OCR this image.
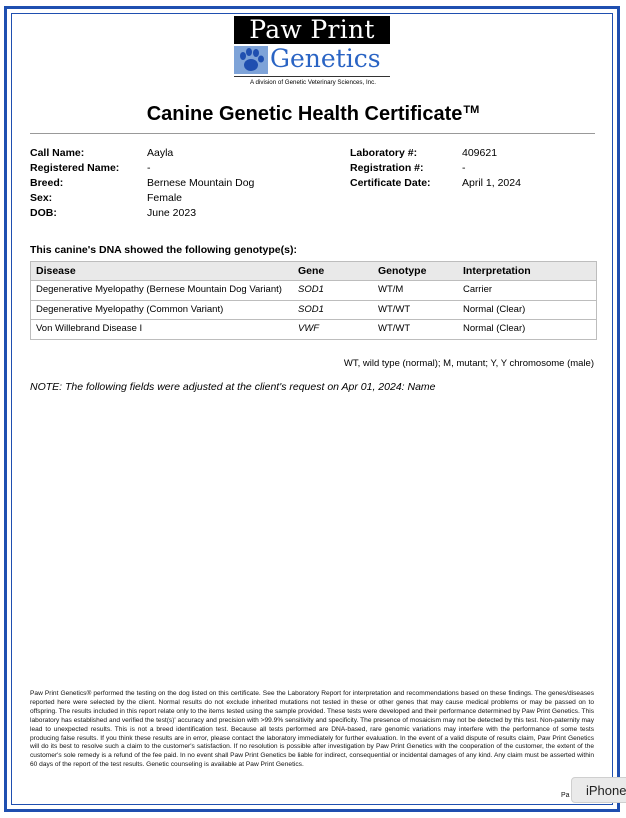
Paw Print
Genetics
A division of Genetic Veterinary Sciences, Inc.
Canine Genetic Health Certificate™
Call Name:	Aayla
Registered Name:	-
Breed:	Bernese Mountain Dog
Sex:	Female
DOB:	June 2023
Laboratory #:	409621
Registration #:	-
Certificate Date:	April 1, 2024
This canine's DNA showed the following genotype(s):
Disease	Gene	Genotype	Interpretation
Degenerative Myelopathy (Bernese Mountain Dog Variant)	SOD1	WT/M	Carrier
Degenerative Myelopathy (Common Variant)	SOD1	WT/WT	Normal (Clear)
Von Willebrand Disease I	VWF	WT/WT	Normal (Clear)
WT, wild type (normal); M, mutant; Y, Y chromosome (male)
NOTE: The following fields were adjusted at the client's request on Apr 01, 2024: Name
Paw Print Genetics® performed the testing on the dog listed on this certificate. See the Laboratory Report for interpretation and recommendations based on these findings. The genes/diseases reported here were selected by the client. Normal results do not exclude inherited mutations not tested in these or other genes that may cause medical problems or may be passed on to offspring. The results included in this report relate only to the items tested using the sample provided. These tests were developed and their performance determined by Paw Print Genetics. This laboratory has established and verified the test(s)' accuracy and precision with >99.9% sensitivity and specificity. The presence of mosaicism may not be detected by this test. Non-paternity may lead to unexpected results. This is not a breed identification test. Because all tests performed are DNA-based, rare genomic variations may interfere with the performance of some tests producing false results. If you think these results are in error, please contact the laboratory immediately for further evaluation. In the event of a valid dispute of results claim, Paw Print Genetics will do its best to resolve such a claim to the customer's satisfaction. If no resolution is possible after investigation by Paw Print Genetics with the cooperation of the customer, the extent of the customer's sole remedy is a refund of the fee paid. In no event shall Paw Print Genetics be liable for indirect, consequential or incidental damages of any kind. Any claim must be asserted within 60 days of the report of the test results. Genetic counseling is available at Paw Print Genetics.
Pa	iPhone
